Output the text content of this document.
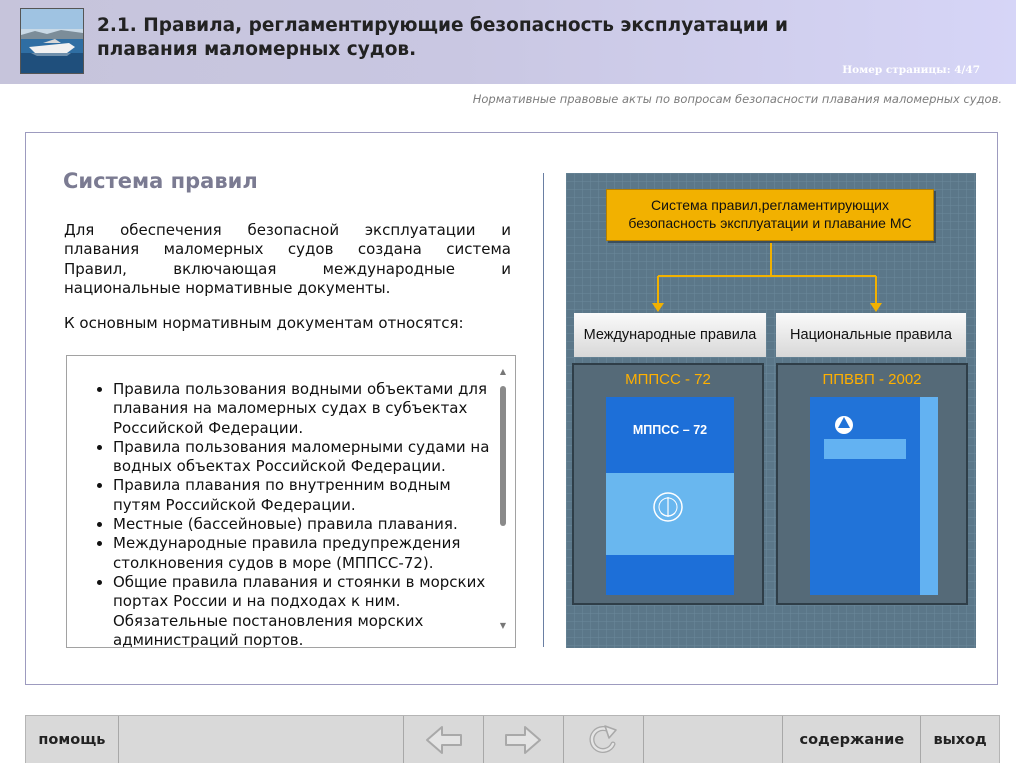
2.1. Правила, регламентирующие безопасность эксплуатации и
плавания маломерных судов.
Номер страницы: 4/47
Нормативные правовые акты по вопросам безопасности плавания маломерных судов.
Система правил
Для обеспечения безопасной эксплуатации и
плавания маломерных судов создана система
Правил,	включающая	международные	и
национальные нормативные документы.
К основным нормативным документам относятся:
• Правила пользования водными объектами для плавания на маломерных судах в субъектах Российской Федерации.
• Правила пользования маломерными судами на водных объектах Российской Федерации.
• Правила плавания по внутренним водным путям Российской Федерации.
• Местные (бассейновые) правила плавания.
• Международные правила предупреждения столкновения судов в море (МППСС-72).
• Общие правила плавания и стоянки в морских портах России и на подходах к ним. Обязательные постановления морских администраций портов.
▲
▼
Система правил,регламентирующих безопасность эксплуатации и плавание МС
Международные правила	Национальные правила
МППСС - 72
МППСС – 72
ППВВП - 2002
помощь	содержание	выход
